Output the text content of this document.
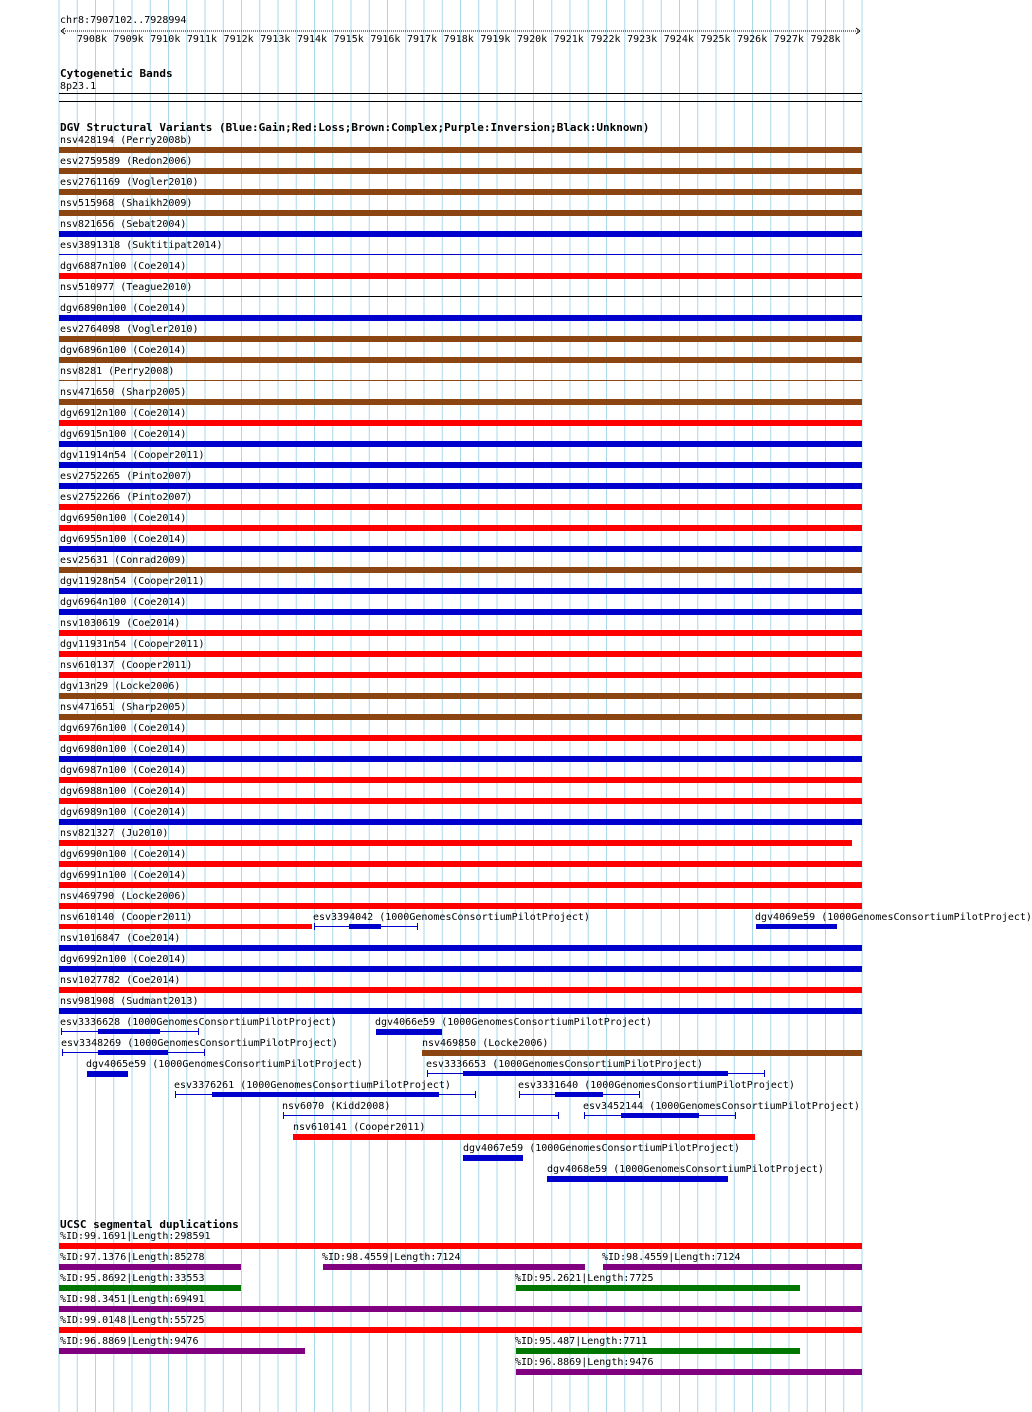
chr8:7907102..7928994
7908k 7909k 7910k 7911k 7912k 7913k 7914k 7915k 7916k 7917k 7918k 7919k 7920k 7921k 7922k 7923k 7924k 7925k 7926k 7927k 7928k
Cytogenetic Bands
8p23.1
DGV Structural Variants (Blue:Gain;Red:Loss;Brown:Complex;Purple:Inversion;Black:Unknown)
nsv428194 (Perry2008b)
esv2759589 (Redon2006)
esv2761169 (Vogler2010)
nsv515968 (Shaikh2009)
nsv821656 (Sebat2004)
esv3891318 (Suktitipat2014)
dgv6887n100 (Coe2014)
nsv510977 (Teague2010)
dgv6890n100 (Coe2014)
esv2764098 (Vogler2010)
dgv6896n100 (Coe2014)
nsv8281 (Perry2008)
nsv471650 (Sharp2005)
dgv6912n100 (Coe2014)
dgv6915n100 (Coe2014)
dgv11914n54 (Cooper2011)
esv2752265 (Pinto2007)
esv2752266 (Pinto2007)
dgv6950n100 (Coe2014)
dgv6955n100 (Coe2014)
esv25631 (Conrad2009)
dgv11928n54 (Cooper2011)
dgv6964n100 (Coe2014)
nsv1030619 (Coe2014)
dgv11931n54 (Cooper2011)
nsv610137 (Cooper2011)
dgv13n29 (Locke2006)
nsv471651 (Sharp2005)
dgv6976n100 (Coe2014)
dgv6980n100 (Coe2014)
dgv6987n100 (Coe2014)
dgv6988n100 (Coe2014)
dgv6989n100 (Coe2014)
nsv821327 (Ju2010)
dgv6990n100 (Coe2014)
dgv6991n100 (Coe2014)
nsv469790 (Locke2006)
nsv610140 (Cooper2011)	esv3394042 (1000GenomesConsortiumPilotProject)	dgv4069e59 (1000GenomesConsortiumPilotProject)
nsv1016847 (Coe2014)
dgv6992n100 (Coe2014)
nsv1027782 (Coe2014)
nsv981908 (Sudmant2013)
esv3336628 (1000GenomesConsortiumPilotProject)	dgv4066e59 (1000GenomesConsortiumPilotProject)
esv3348269 (1000GenomesConsortiumPilotProject)	nsv469850 (Locke2006)
dgv4065e59 (1000GenomesConsortiumPilotProject)	esv3336653 (1000GenomesConsortiumPilotProject)
esv3376261 (1000GenomesConsortiumPilotProject)	esv3331640 (1000GenomesConsortiumPilotProject)
nsv6070 (Kidd2008)	esv3452144 (1000GenomesConsortiumPilotProject)
nsv610141 (Cooper2011)
dgv4067e59 (1000GenomesConsortiumPilotProject)
dgv4068e59 (1000GenomesConsortiumPilotProject)
UCSC segmental duplications
%ID:99.1691|Length:298591
%ID:97.1376|Length:85278	%ID:98.4559|Length:7124	%ID:98.4559|Length:7124
%ID:95.8692|Length:33553	%ID:95.2621|Length:7725
%ID:98.3451|Length:69491
%ID:99.0148|Length:55725
%ID:96.8869|Length:9476	%ID:95.487|Length:7711
%ID:96.8869|Length:9476
